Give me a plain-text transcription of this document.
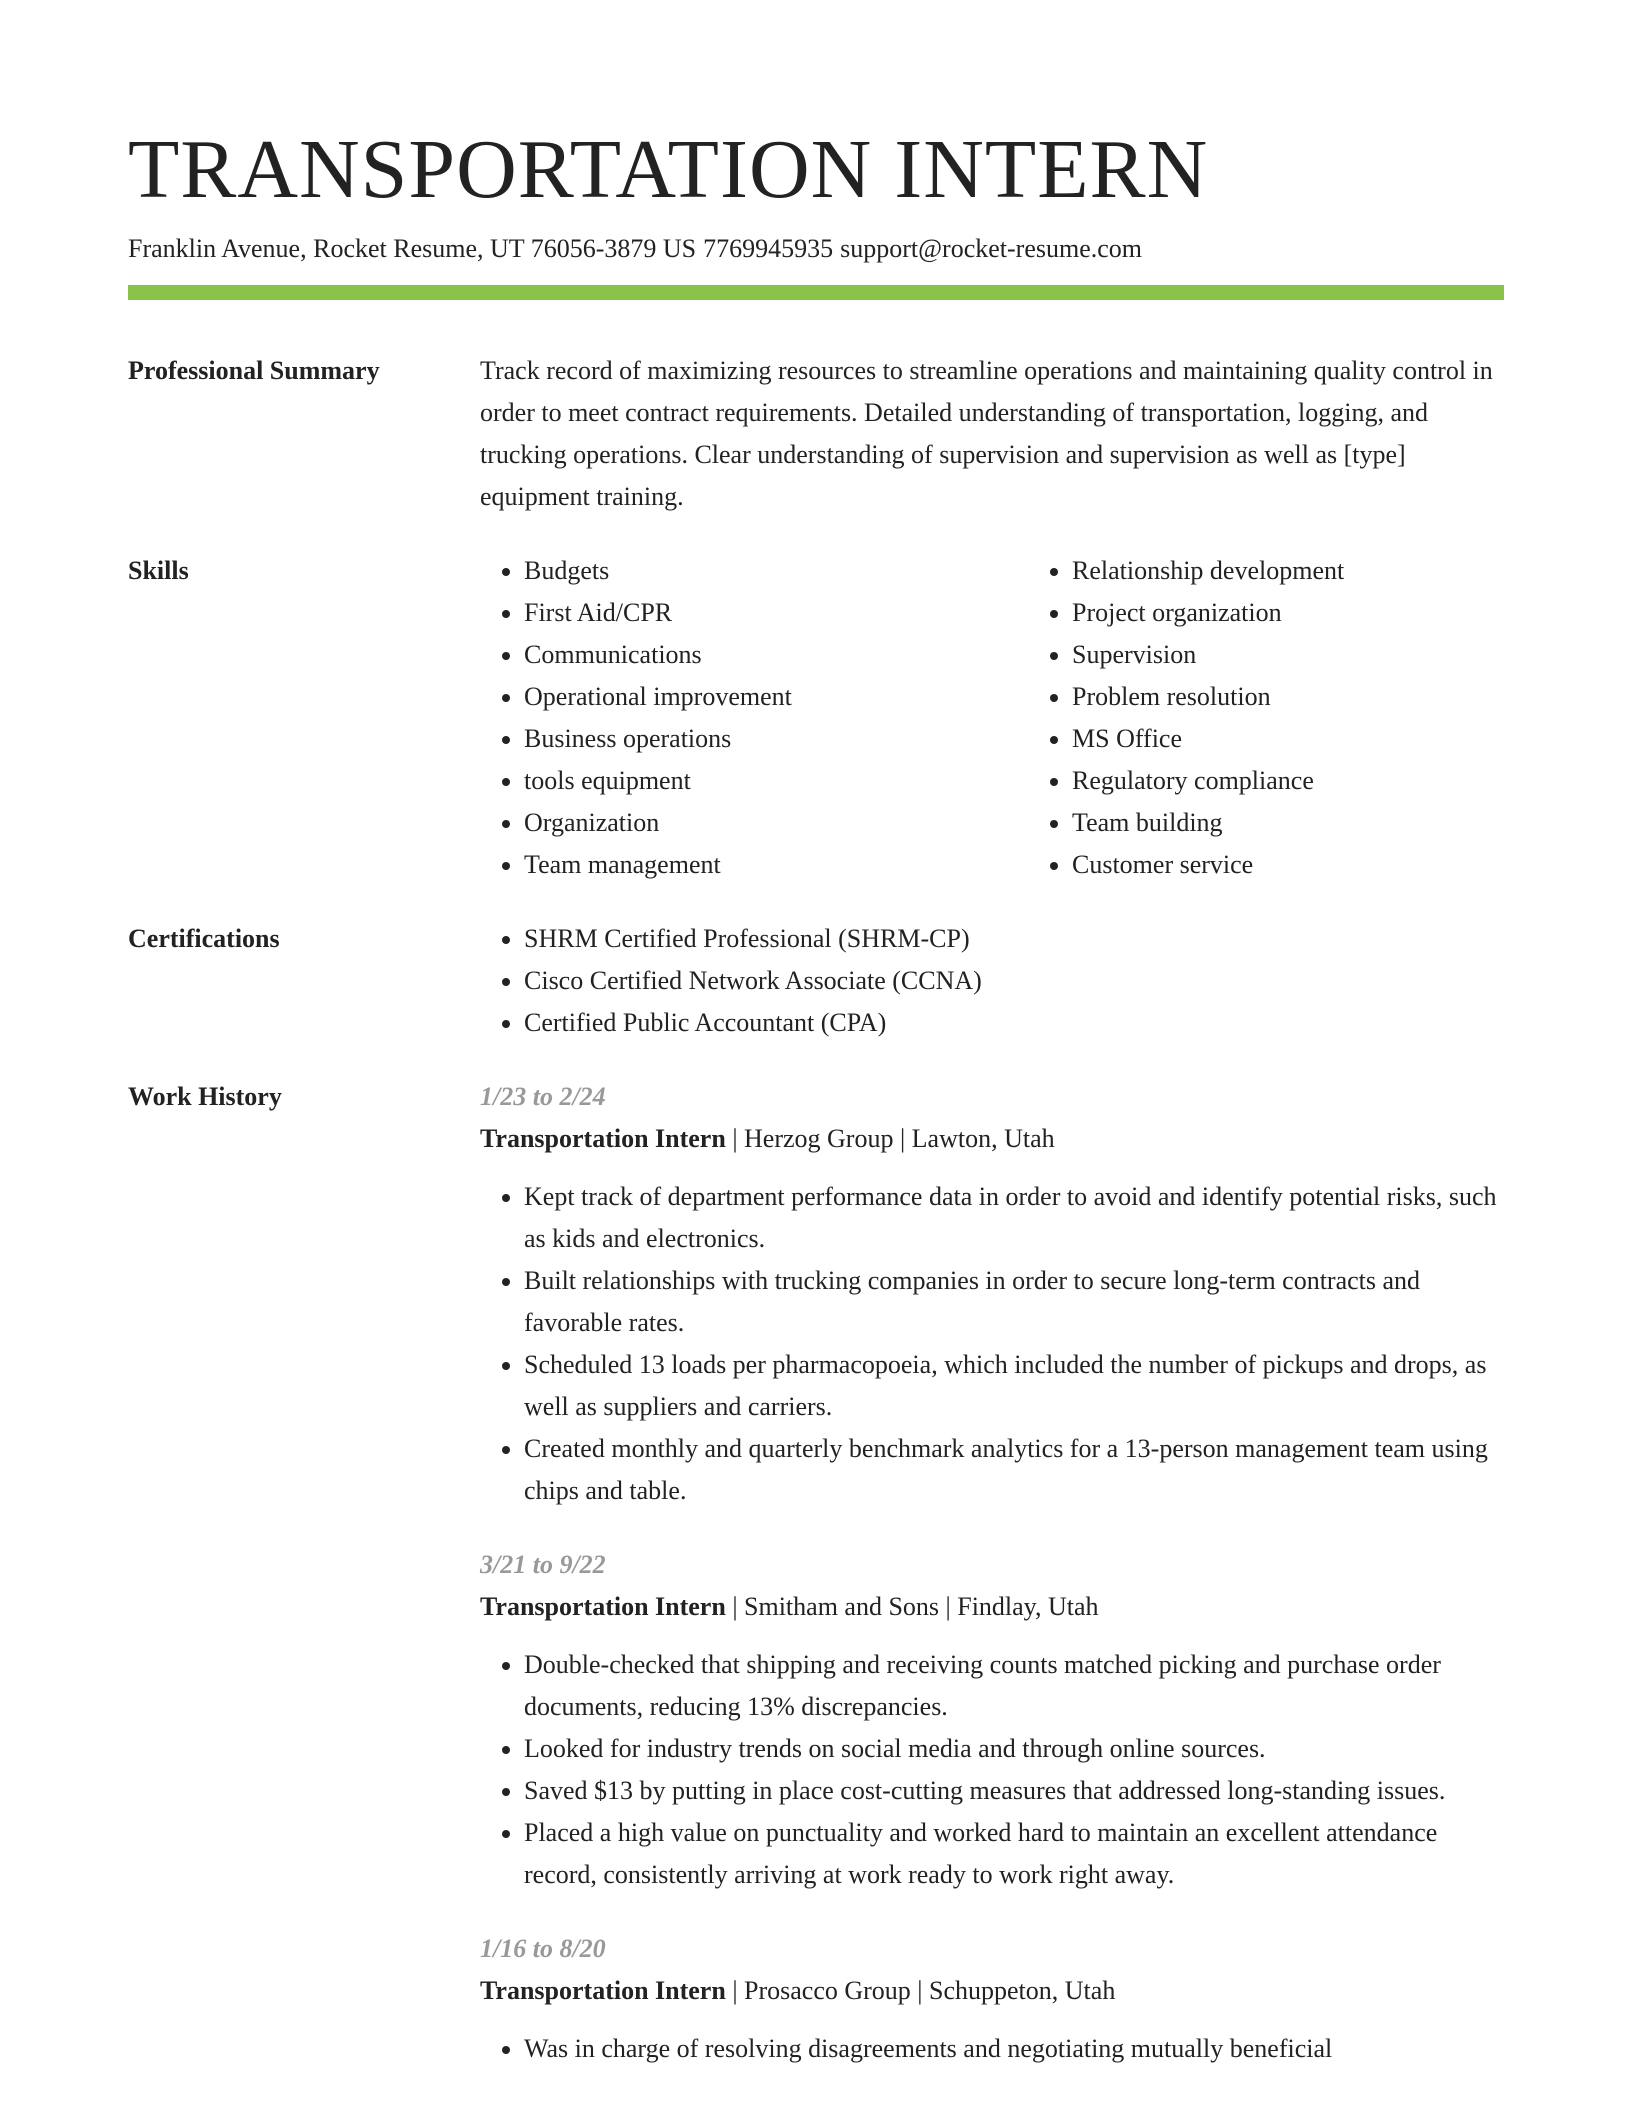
TRANSPORTATION INTERN
Franklin Avenue, Rocket Resume, UT 76056-3879 US 7769945935 support@rocket-resume.com
Professional Summary	Track record of maximizing resources to streamline operations and maintaining quality control in order to meet contract requirements. Detailed understanding of transportation, logging, and trucking operations. Clear understanding of supervision and supervision as well as [type] equipment training.
Skills	• Budgets
• First Aid/CPR
• Communications
• Operational improvement
• Business operations
• tools equipment
• Organization
• Team management
• Relationship development
• Project organization
• Supervision
• Problem resolution
• MS Office
• Regulatory compliance
• Team building
• Customer service
Certifications	• SHRM Certified Professional (SHRM-CP)
• Cisco Certified Network Associate (CCNA)
• Certified Public Accountant (CPA)
Work History	1/23 to 2/24
Transportation Intern | Herzog Group | Lawton, Utah
• Kept track of department performance data in order to avoid and identify potential risks, such as kids and electronics.
• Built relationships with trucking companies in order to secure long-term contracts and favorable rates.
• Scheduled 13 loads per pharmacopoeia, which included the number of pickups and drops, as well as suppliers and carriers.
• Created monthly and quarterly benchmark analytics for a 13-person management team using chips and table.
3/21 to 9/22
Transportation Intern | Smitham and Sons | Findlay, Utah
• Double-checked that shipping and receiving counts matched picking and purchase order documents, reducing 13% discrepancies.
• Looked for industry trends on social media and through online sources.
• Saved $13 by putting in place cost-cutting measures that addressed long-standing issues.
• Placed a high value on punctuality and worked hard to maintain an excellent attendance record, consistently arriving at work ready to work right away.
1/16 to 8/20
Transportation Intern | Prosacco Group | Schuppeton, Utah
• Was in charge of resolving disagreements and negotiating mutually beneficial
